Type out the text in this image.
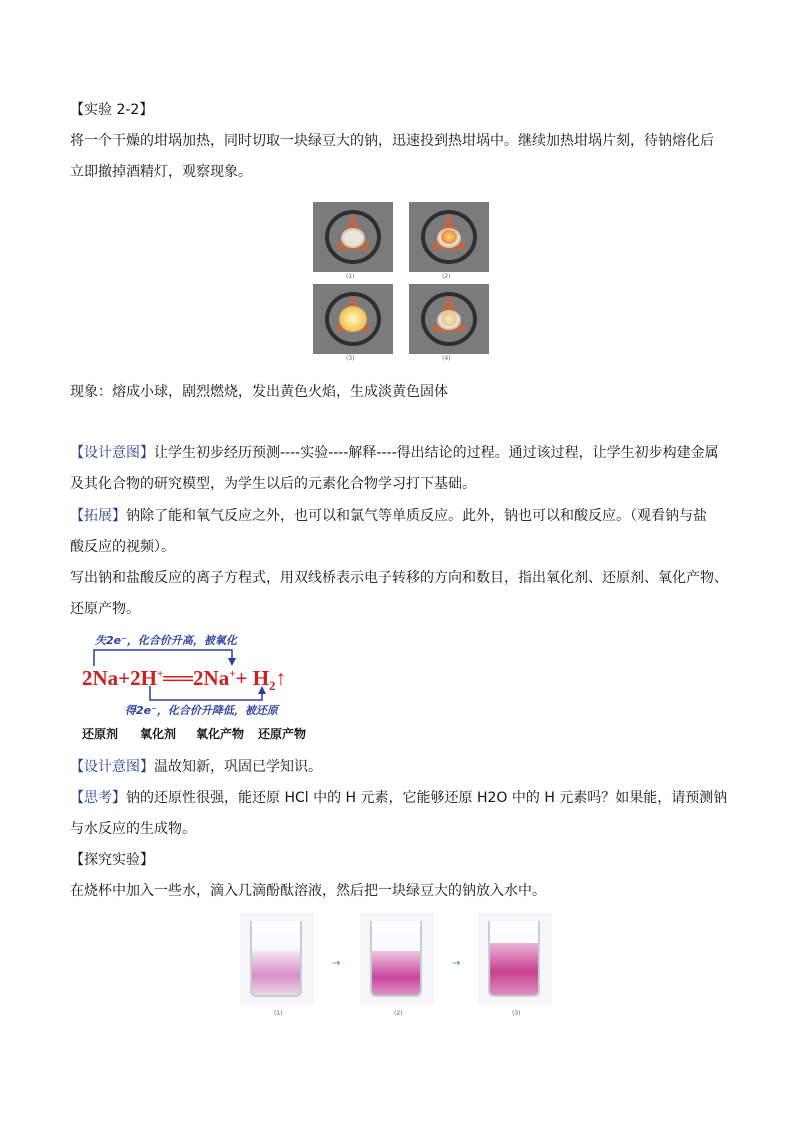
【实验 2-2】
将一个干燥的坩埚加热，同时切取一块绿豆大的钠，迅速投到热坩埚中。继续加热坩埚片刻，待钠熔化后
立即撤掉酒精灯，观察现象。
(1)	(2)
(3)	(4)
现象：熔成小球，剧烈燃烧，发出黄色火焰，生成淡黄色固体
【设计意图】让学生初步经历预测----实验----解释----得出结论的过程。通过该过程，让学生初步构建金属
及其化合物的研究模型，为学生以后的元素化合物学习打下基础。
【拓展】钠除了能和氧气反应之外，也可以和氯气等单质反应。此外，钠也可以和酸反应。（观看钠与盐
酸反应的视频）。
写出钠和盐酸反应的离子方程式，用双线桥表示电子转移的方向和数目，指出氧化剂、还原剂、氧化产物、
还原产物。
失2e⁻，化合价升高，被氧化
2Na+2H+══2Na++ $H_2↑$
得2e⁻，化合价升降低，被还原
还原剂 氧化剂 氧化产物 还原产物
【设计意图】温故知新，巩固已学知识。
【思考】钠的还原性很强，能还原 HCl 中的 H 元素，它能够还原 H2O 中的 H 元素吗？如果能，请预测钠
与水反应的生成物。
【探究实验】
在烧杯中加入一些水，滴入几滴酚酞溶液，然后把一块绿豆大的钠放入水中。
(1)
→
(2)
→
(3)
